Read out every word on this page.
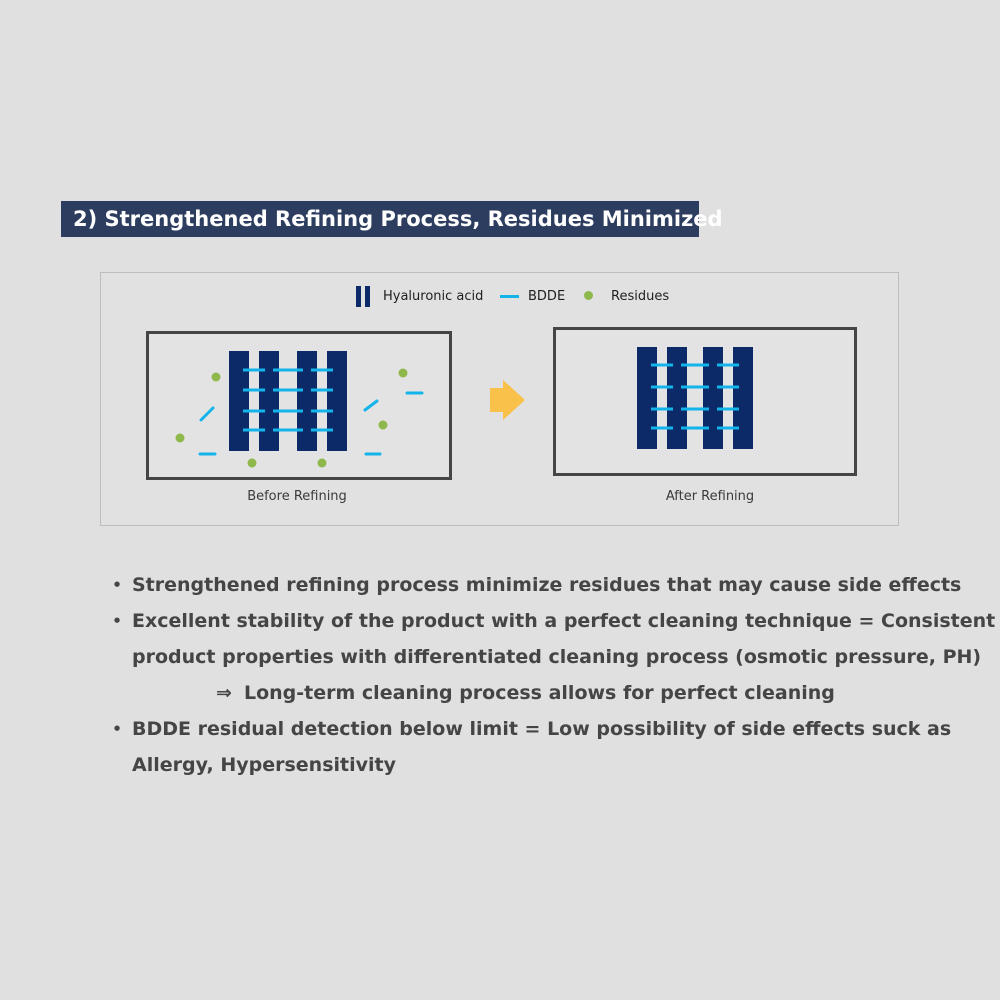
2) Strengthened Refining Process, Residues Minimized
Hyaluronic acid	BDDE	Residues
Before Refining	After Refining
• Strengthened refining process minimize residues that may cause side effects
• Excellent stability of the product with a perfect cleaning technique = Consistent
product properties with differentiated cleaning process (osmotic pressure, PH)
⇒ Long-term cleaning process allows for perfect cleaning
• BDDE residual detection below limit = Low possibility of side effects suck as
Allergy, Hypersensitivity
